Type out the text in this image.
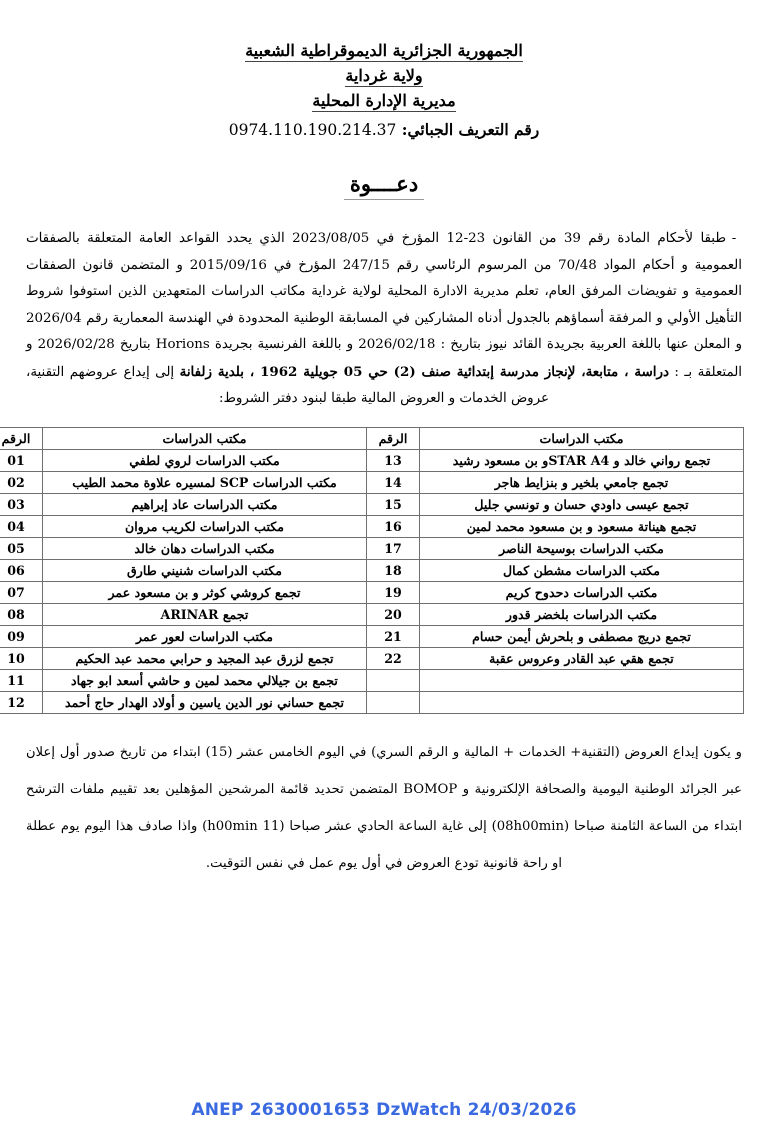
الجمهورية الجزائرية الديموقراطية الشعبية
ولاية غرداية
مديرية الإدارة المحلية
رقم التعريف الجبائي: 0974.110.190.214.37
دعــــوة

-طبقا لأحكام المادة رقم 39 من القانون 23-12 المؤرخ في 2023/08/05 الذي يحدد القواعد العامة المتعلقة بالصفقات العمومية و أحكام المواد 70/48 من المرسوم الرئاسي رقم 247/15 المؤرخ في 2015/09/16 و المتضمن قانون الصفقات العمومية و تفويضات المرفق العام، تعلم مديرية الادارة المحلية لولاية غرداية مكاتب الدراسات المتعهدين الذين استوفوا شروط التأهيل الأولي و المرفقة أسماؤهم بالجدول أدناه المشاركين في المسابقة الوطنية المحدودة في الهندسة المعمارية رقم 2026/04 و المعلن عنها باللغة العربية بجريدة القائد نيوز بتاريخ : 2026/02/18 و باللغة الفرنسية بجريدة Horions بتاريخ 2026/02/28 و المتعلقة بـ : دراسة ، متابعة، لإنجاز مدرسة إبتدائية صنف (2) حي 05 جويلية 1962 ، بلدية زلفانة إلى إيداع عروضهم التقنية، عروض الخدمات و العروض المالية طبقا لبنود دفتر الشروط:

مكتب الدراسات	الرقم	مكتب الدراسات	الرقم
تجمع رواني خالد و STAR A4و بن مسعود رشيد	13	مكتب الدراسات لروي لطفي	01
تجمع جامعي بلخير و بنزايط هاجر	14	مكتب الدراسات SCP لمسيره علاوة محمد الطيب	02
تجمع عيسى داودي حسان و تونسي جليل	15	مكتب الدراسات عاد إبراهيم	03
تجمع هيناتة مسعود و بن مسعود محمد لمين	16	مكتب الدراسات لكريب مروان	04
مكتب الدراسات بوسيحة الناصر	17	مكتب الدراسات دهان خالد	05
مكتب الدراسات مشطن كمال	18	مكتب الدراسات شنيني طارق	06
مكتب الدراسات دحدوح كريم	19	تجمع كروشي كوثر و بن مسعود عمر	07
مكتب الدراسات بلخضر قدور	20	تجمع ARINAR	08
تجمع دريج مصطفى و بلحرش أيمن حسام	21	مكتب الدراسات لعور عمر	09
تجمع هقي عبد القادر وعروس عقبة	22	تجمع لزرق عبد المجيد و حرابي محمد عبد الحكيم	10
		تجمع بن جيلالي محمد لمين و حاشي أسعد ابو جهاد	11
		تجمع حساني نور الدين ياسين و أولاد الهدار حاج أحمد	12

و يكون إيداع العروض (التقنية+ الخدمات + المالية و الرقم السري) في اليوم الخامس عشر (15) ابتداء من تاريخ صدور أول إعلان عبر الجرائد الوطنية اليومية والصحافة الإلكترونية و BOMOP المتضمن تحديد قائمة المرشحين المؤهلين بعد تقييم ملفات الترشح ابتداء من الساعة الثامنة صباحا (08h00min) إلى غاية الساعة الحادي عشر صباحا (11 h00min) واذا صادف هذا اليوم يوم عطلة او راحة قانونية تودع العروض في أول يوم عمل في نفس التوقيت.

ANEP 2630001653 DzWatch 24/03/2026
